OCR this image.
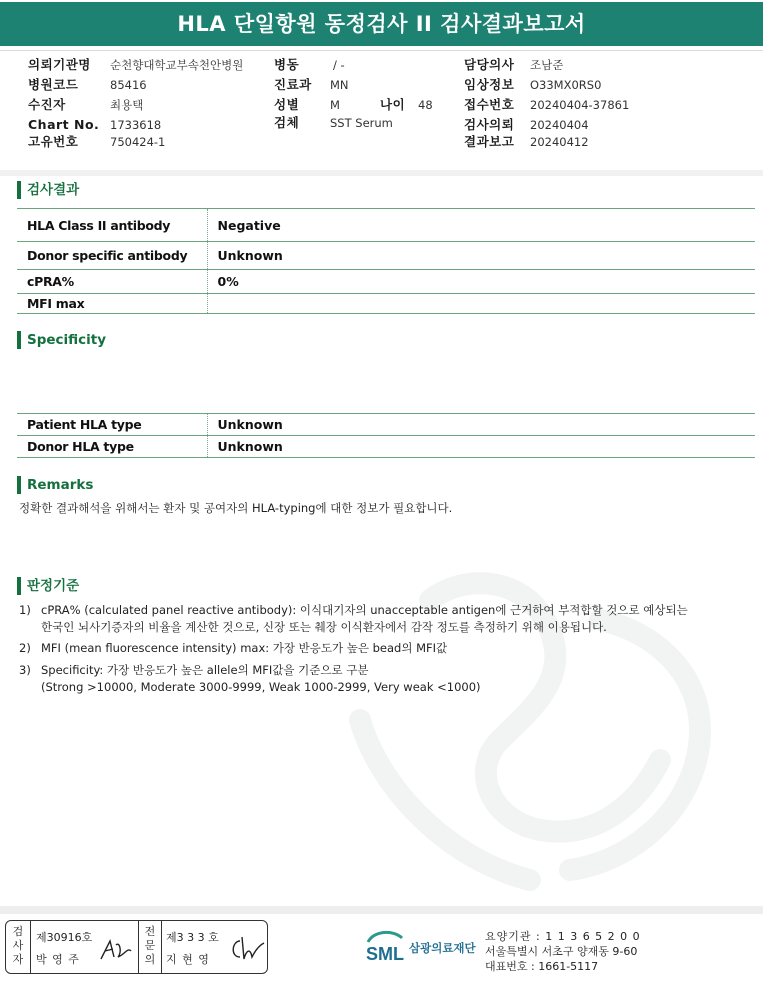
HLA 단일항원 동정검사 II 검사결과보고서
의뢰기관명 순천향대학교부속천안병원
병원코드	85416
수진자	최용택
Chart No. 1733618
고유번호	750424-1
병동	/ -
진료과 MN
성별	M	나이 48
검체	SST Serum
담당의사 조남준
임상정보 O33MX0RS0
접수번호 20240404-37861
검사의뢰 20240404
결과보고 20240412
검사결과
HLA Class II antibody	Negative
Donor specific antibody	Unknown
cPRA%	0%
MFI max	
Specificity
Patient HLA type	Unknown
Donor HLA type	Unknown
Remarks
정확한 결과해석을 위해서는 환자 및 공여자의 HLA-typing에 대한 정보가 필요합니다.
판정기준
1) cPRA% (calculated panel reactive antibody): 이식대기자의 unacceptable antigen에 근거하여 부적합할 것으로 예상되는
한국인 뇌사기증자의 비율을 계산한 것으로, 신장 또는 췌장 이식환자에서 감작 정도를 측정하기 위해 이용됩니다.
2) MFI (mean fluorescence intensity) max: 가장 반응도가 높은 bead의 MFI값
3) Specificity: 가장 반응도가 높은 allele의 MFI값을 기준으로 구분
(Strong >10000, Moderate 3000-9999, Weak 1000-2999, Very weak <1000)
검
사
자
제30916호
박 영 주
전
문
의
제3 3 3 호
지 현 영	SML 삼광의료재단
요양기관 : 1 1 3 6 5 2 0 0
서울특별시 서초구 양재동 9-60
대표번호 : 1661-5117
